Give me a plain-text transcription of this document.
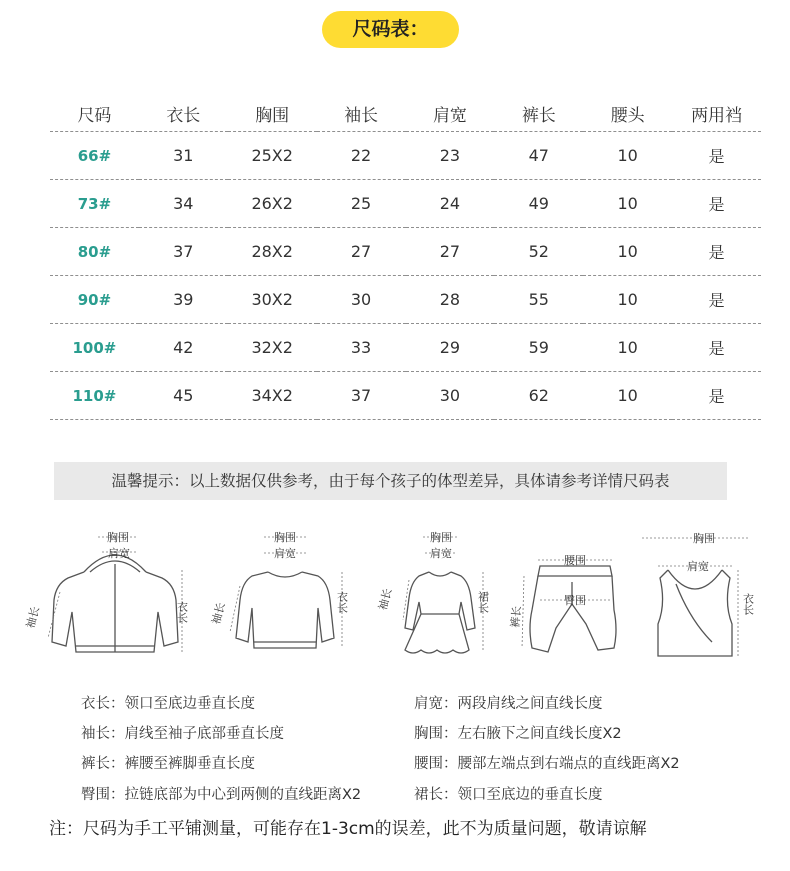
尺码表：
尺码	衣长	胸围	袖长	肩宽	裤长	腰头	两用裆
66#	31	25X2	22	23	47	10	是
73#	34	26X2	25	24	49	10	是
80#	37	28X2	27	27	52	10	是
90#	39	30X2	30	28	55	10	是
100#	42	32X2	33	29	59	10	是
110#	45	34X2	37	30	62	10	是
温馨提示：以上数据仅供参考，由于每个孩子的体型差异，具体请参考详情尺码表
胸围
肩宽
袖长	衣长
胸围
肩宽
袖长	衣长
胸围
肩宽
袖长	裙长
腰围
臀围
裤长
胸围
肩宽
衣长
衣长：领口至底边垂直长度	肩宽：两段肩线之间直线长度
袖长：肩线至袖子底部垂直长度	胸围：左右腋下之间直线长度X2
裤长：裤腰至裤脚垂直长度	腰围：腰部左端点到右端点的直线距离X2
臀围：拉链底部为中心到两侧的直线距离X2	裙长：领口至底边的垂直长度
注：尺码为手工平铺测量，可能存在1-3cm的误差，此不为质量问题，敬请谅解
